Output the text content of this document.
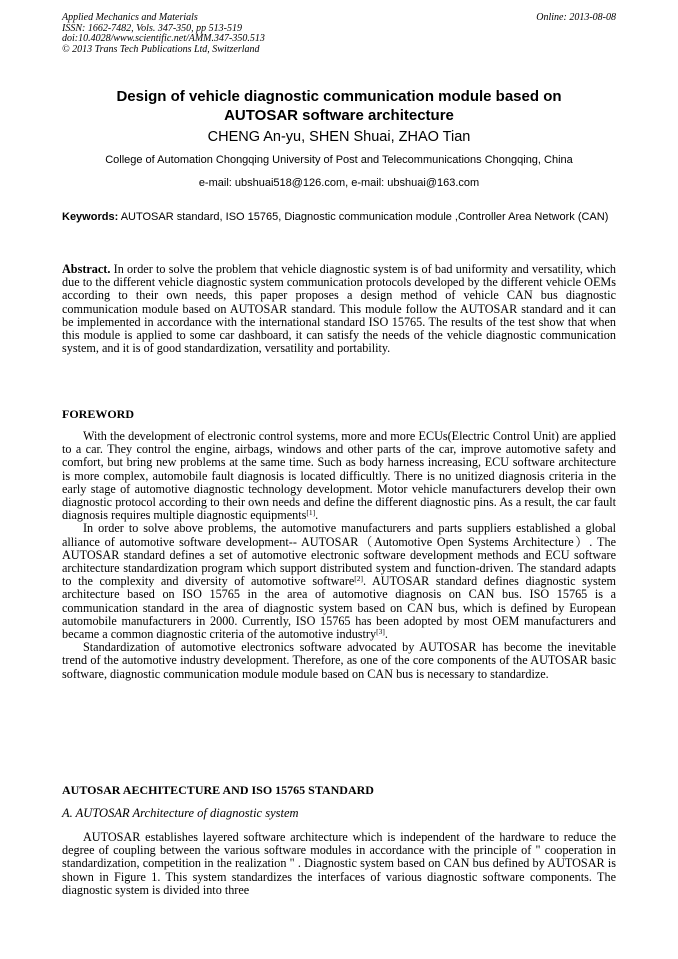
Applied Mechanics and Materials
ISSN: 1662-7482, Vols. 347-350, pp 513-519
doi:10.4028/www.scientific.net/AMM.347-350.513
© 2013 Trans Tech Publications Ltd, Switzerland
Online: 2013-08-08
Design of vehicle diagnostic communication module based on
AUTOSAR software architecture
CHENG An-yu, SHEN Shuai, ZHAO Tian
College of Automation Chongqing University of Post and Telecommunications Chongqing, China
e-mail: ubshuai518@126.com, e-mail: ubshuai@163.com
Keywords: AUTOSAR standard, ISO 15765, Diagnostic communication module ,Controller Area Network (CAN)

Abstract. In order to solve the problem that vehicle diagnostic system is of bad uniformity and versatility, which due to the different vehicle diagnostic system communication protocols developed by the different vehicle OEMs according to their own needs, this paper proposes a design method of vehicle CAN bus diagnostic communication module based on AUTOSAR standard. This module follow the AUTOSAR standard and it can be implemented in accordance with the international standard ISO 15765. The results of the test show that when this module is applied to some car dashboard, it can satisfy the needs of the vehicle diagnostic communication system, and it is of good standardization, versatility and portability.

FOREWORD

With the development of electronic control systems, more and more ECUs(Electric Control Unit) are applied to a car. They control the engine, airbags, windows and other parts of the car, improve automotive safety and comfort, but bring new problems at the same time. Such as body harness increasing, ECU software architecture is more complex, automobile fault diagnosis is located difficultly. There is no unitized diagnosis criteria in the early stage of automotive diagnostic technology development. Motor vehicle manufacturers develop their own diagnostic protocol according to their own needs and define the different diagnostic pins. As a result, the car fault diagnosis requires multiple diagnostic equipments[1].

In order to solve above problems, the automotive manufacturers and parts suppliers established a global alliance of automotive software development-- AUTOSAR（Automotive Open Systems Architecture）. The AUTOSAR standard defines a set of automotive electronic software development methods and ECU software architecture standardization program which support distributed system and function-driven. The standard adapts to the complexity and diversity of automotive software[2]. AUTOSAR standard defines diagnostic system architecture based on ISO 15765 in the area of automotive diagnosis on CAN bus. ISO 15765 is a communication standard in the area of diagnostic system based on CAN bus, which is defined by European automobile manufacturers in 2000. Currently, ISO 15765 has been adopted by most OEM manufacturers and became a common diagnostic criteria of the automotive industry[3].

Standardization of automotive electronics software advocated by AUTOSAR has become the inevitable trend of the automotive industry development. Therefore, as one of the core components of the AUTOSAR basic software, diagnostic communication module module based on CAN bus is necessary to standardize.

AUTOSAR AECHITECTURE AND ISO 15765 STANDARD
A. AUTOSAR Architecture of diagnostic system

AUTOSAR establishes layered software architecture which is independent of the hardware to reduce the degree of coupling between the various software modules in accordance with the principle of " cooperation in standardization, competition in the realization " . Diagnostic system based on CAN bus defined by AUTOSAR is shown in Figure 1. This system standardizes the interfaces of various diagnostic software components. The diagnostic system is divided into three
